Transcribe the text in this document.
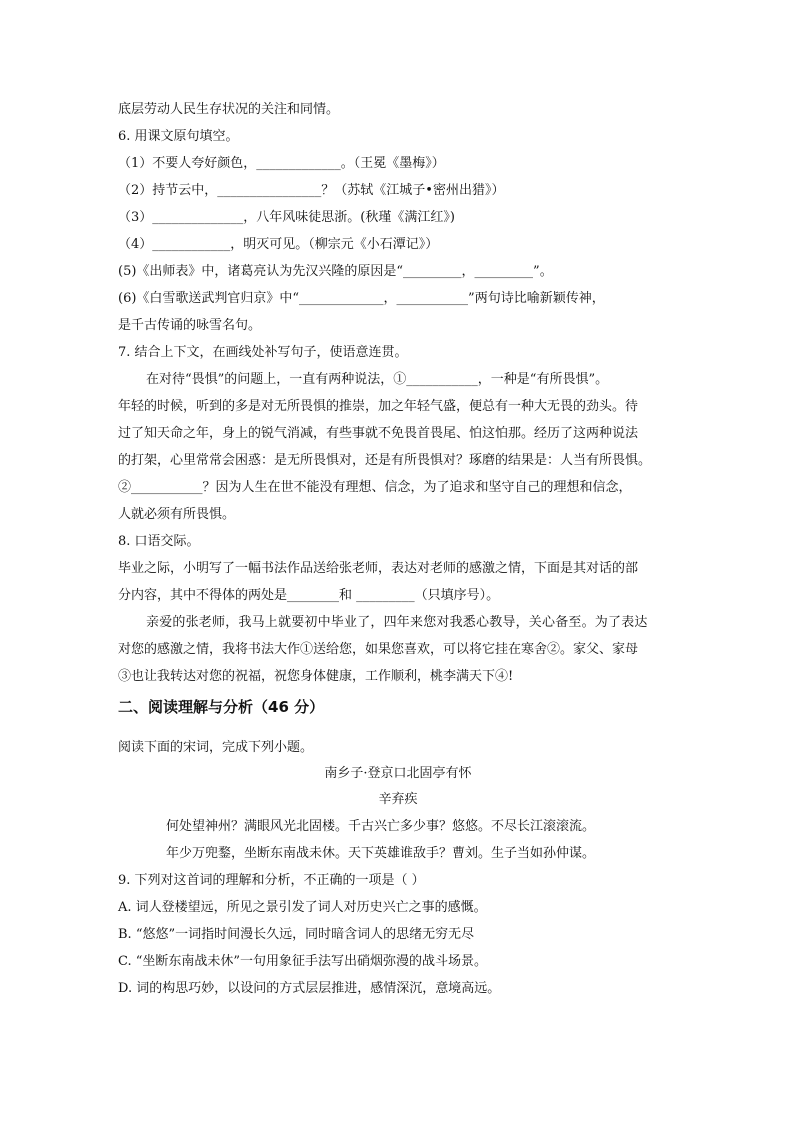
底层劳动人民生存状况的关注和同情。
6. 用课文原句填空。
（1）不要人夸好颜色，_____________。（王冕《墨梅》）
（2）持节云中，________________？（苏轼《江城子•密州出猎》）
（3）______________，八年风味徒思浙。(秋瑾《满江红》)
（4）____________，明灭可见。（柳宗元《小石潭记》）
(5)《出师表》中，诸葛亮认为先汉兴隆的原因是“_________，_________”。
(6)《白雪歌送武判官归京》中“_____________，___________”两句诗比喻新颖传神，
是千古传诵的咏雪名句。
7. 结合上下文，在画线处补写句子，使语意连贯。
在对待“畏惧”的问题上，一直有两种说法，①___________，一种是“有所畏惧”。
年轻的时候，听到的多是对无所畏惧的推崇，加之年轻气盛，便总有一种大无畏的劲头。待
过了知天命之年，身上的锐气消减，有些事就不免畏首畏尾、怕这怕那。经历了这两种说法
的打架，心里常常会困惑：是无所畏惧对，还是有所畏惧对？琢磨的结果是：人当有所畏惧。
②___________？因为人生在世不能没有理想、信念，为了追求和坚守自己的理想和信念，
人就必须有所畏惧。
8. 口语交际。
毕业之际，小明写了一幅书法作品送给张老师，表达对老师的感激之情，下面是其对话的部
分内容，其中不得体的两处是________和 _________（只填序号）。
亲爱的张老师，我马上就要初中毕业了，四年来您对我悉心教导，关心备至。为了表达
对您的感激之情，我将书法大作①送给您，如果您喜欢，可以将它挂在寒舍②。家父、家母
③也让我转达对您的祝福，祝您身体健康，工作顺利，桃李满天下④!
二、阅读理解与分析（46 分）
阅读下面的宋词，完成下列小题。
南乡子·登京口北固亭有怀
辛弃疾
何处望神州？满眼风光北固楼。千古兴亡多少事？悠悠。不尽长江滚滚流。
年少万兜鍪，坐断东南战未休。天下英雄谁敌手？曹刘。生子当如孙仲谋。
9. 下列对这首词的理解和分析，不正确的一项是（ ）
A. 词人登楼望远，所见之景引发了词人对历史兴亡之事的感慨。
B. “悠悠”一词指时间漫长久远，同时暗含词人的思绪无穷无尽
C. “坐断东南战未休”一句用象征手法写出硝烟弥漫的战斗场景。
D. 词的构思巧妙，以设问的方式层层推进，感情深沉，意境高远。
